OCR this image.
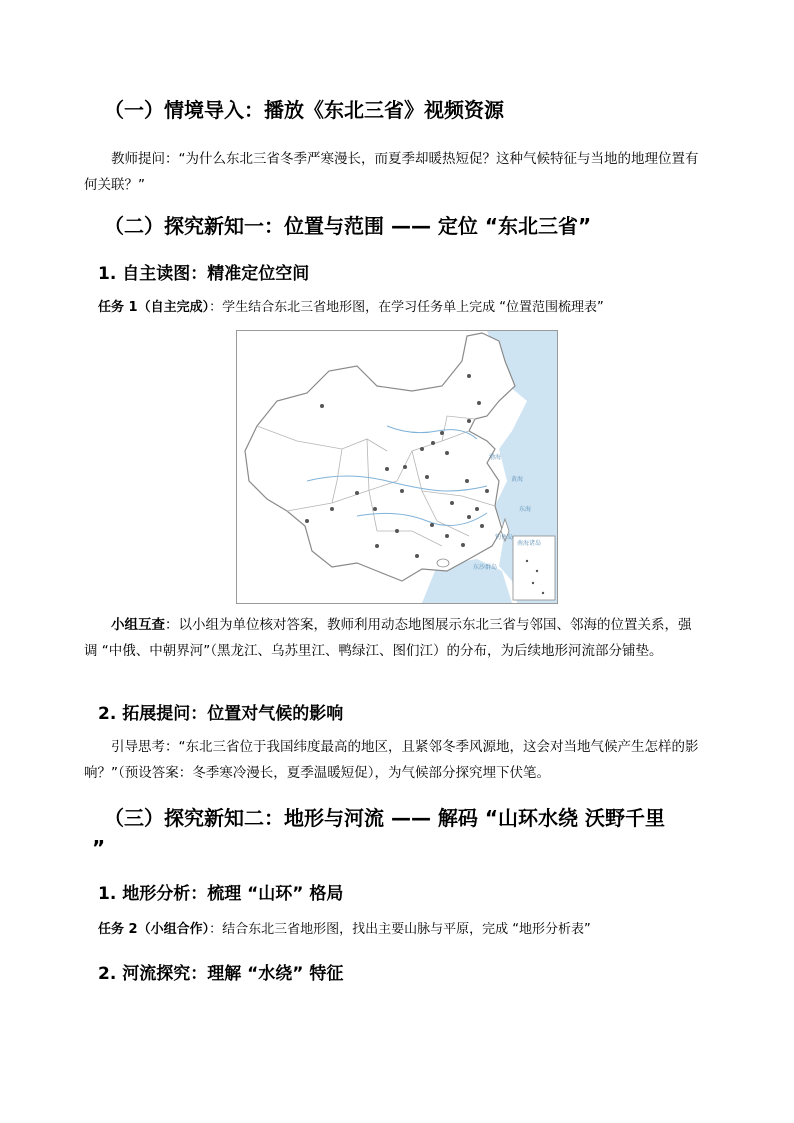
（一）情境导入：播放《东北三省》视频资源

教师提问：“为什么东北三省冬季严寒漫长，而夏季却暖热短促？这种气候特征与当地的地理位置有何关联？”

（二）探究新知一：位置与范围 —— 定位 “东北三省”
1. 自主读图：精准定位空间

任务 1（自主完成）：学生结合东北三省地形图，在学习任务单上完成 “位置范围梳理表”

渤海
黄海
东海
钓鱼岛
东沙群岛
南海诸岛

小组互查：以小组为单位核对答案，教师利用动态地图展示东北三省与邻国、邻海的位置关系，强调 “中俄、中朝界河”（黑龙江、乌苏里江、鸭绿江、图们江）的分布，为后续地形河流部分铺垫。

2. 拓展提问：位置对气候的影响

引导思考：“东北三省位于我国纬度最高的地区，且紧邻冬季风源地，这会对当地气候产生怎样的影响？”（预设答案：冬季寒冷漫长，夏季温暖短促），为气候部分探究埋下伏笔。

（三）探究新知二：地形与河流 —— 解码 “山环水绕 沃野千里
”
1. 地形分析：梳理 “山环” 格局

任务 2（小组合作）：结合东北三省地形图，找出主要山脉与平原，完成 “地形分析表”

2. 河流探究：理解 “水绕” 特征
